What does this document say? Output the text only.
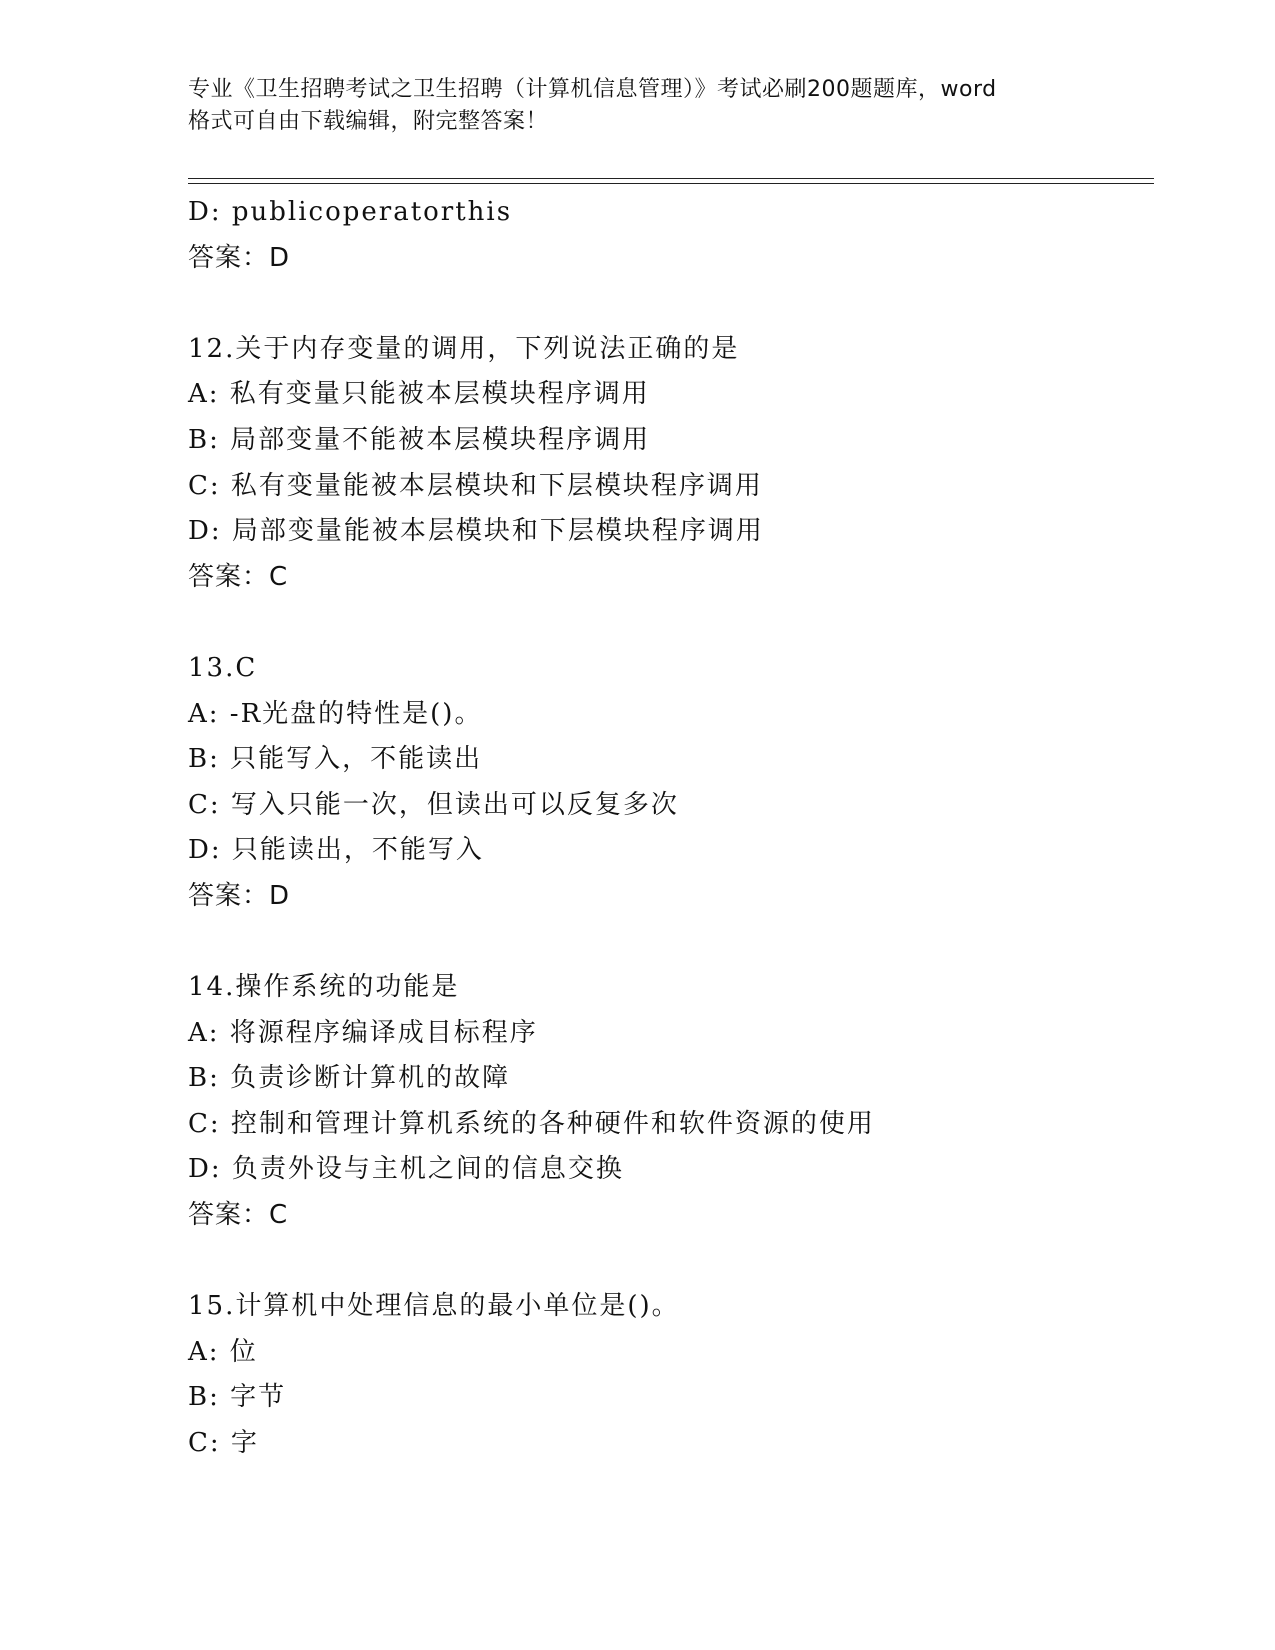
专业《卫生招聘考试之卫生招聘（计算机信息管理）》考试必刷200题题库，word
格式可自由下载编辑，附完整答案！
D: publicoperatorthis
答案：D
12.关于内存变量的调用，下列说法正确的是
A: 私有变量只能被本层模块程序调用
B: 局部变量不能被本层模块程序调用
C: 私有变量能被本层模块和下层模块程序调用
D: 局部变量能被本层模块和下层模块程序调用
答案：C
13.C
A: -R光盘的特性是()。
B: 只能写入，不能读出
C: 写入只能一次，但读出可以反复多次
D: 只能读出，不能写入
答案：D
14.操作系统的功能是
A: 将源程序编译成目标程序
B: 负责诊断计算机的故障
C: 控制和管理计算机系统的各种硬件和软件资源的使用
D: 负责外设与主机之间的信息交换
答案：C
15.计算机中处理信息的最小单位是()。
A: 位
B: 字节
C: 字
